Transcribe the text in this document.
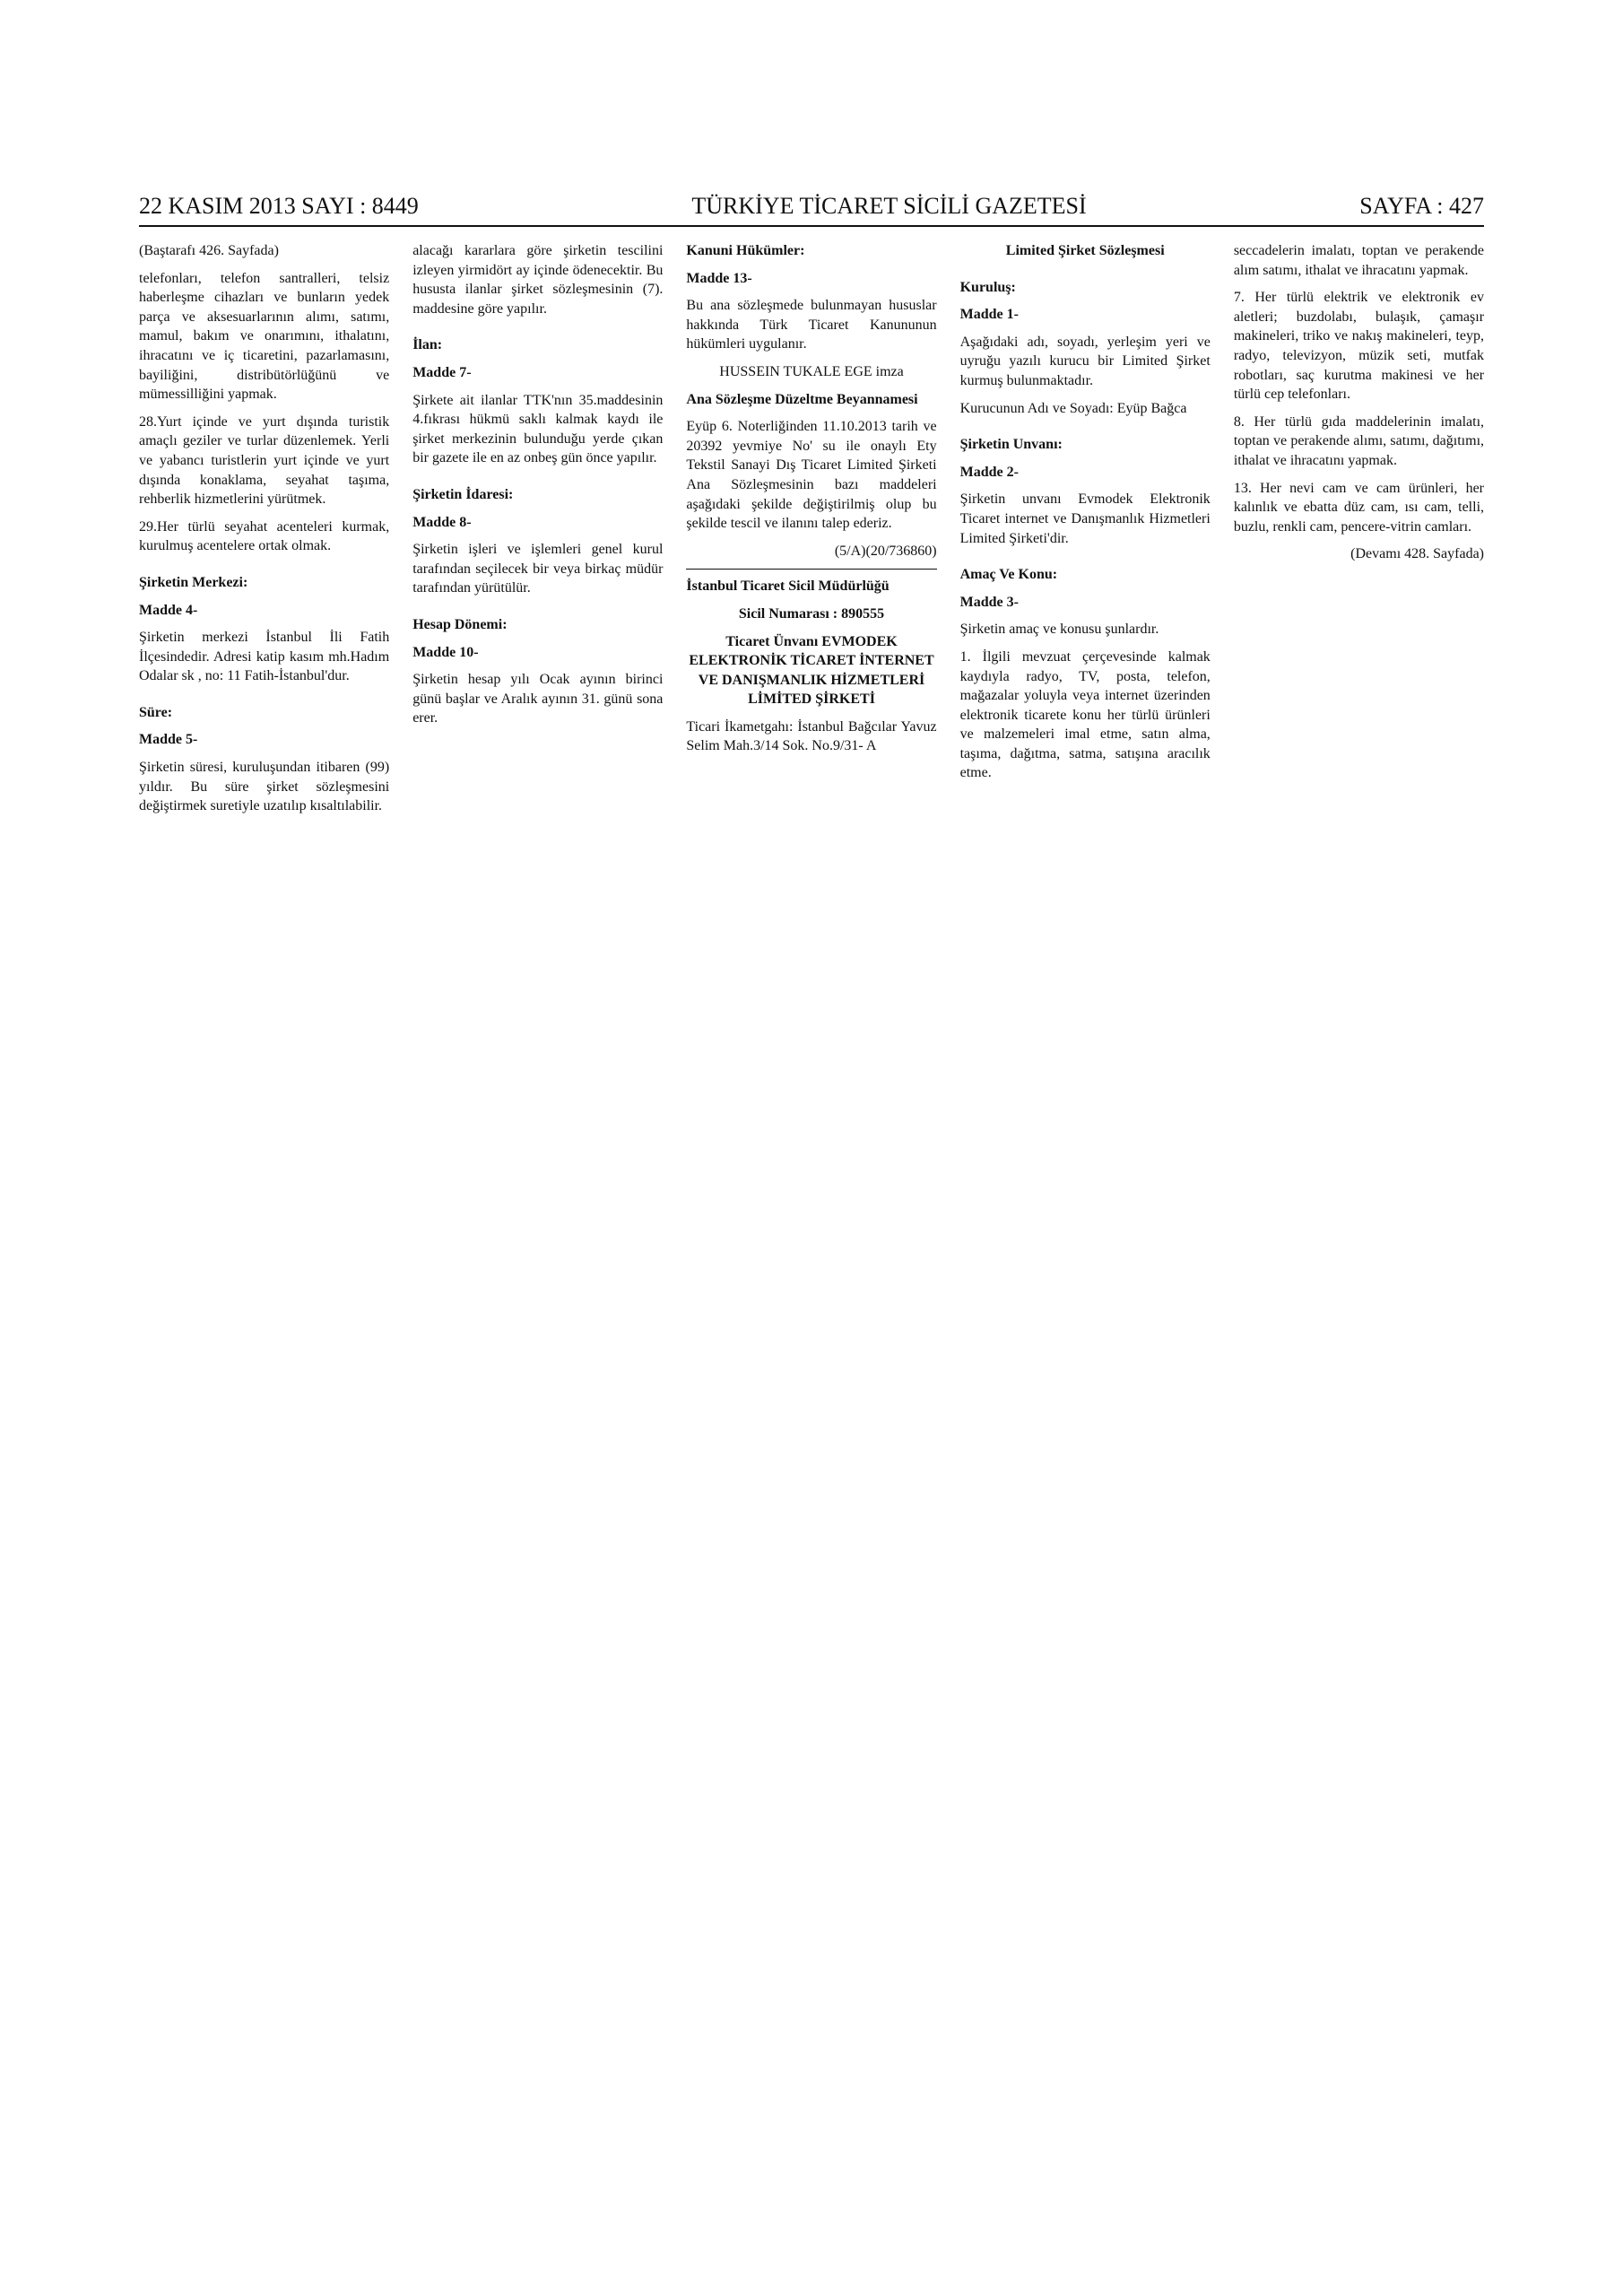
22 KASIM 2013 SAYI : 8449	TÜRKİYE TİCARET SİCİLİ GAZETESİ	SAYFA : 427

(Baştarafı 426. Sayfada)

telefonları, telefon santralleri, telsiz haberleşme cihazları ve bunların yedek parça ve aksesuarlarının alımı, satımı, mamul, bakım ve onarımını, ithalatını, ihracatını ve iç ticaretini, pazarlamasını, bayiliğini, distribütörlüğünü ve mümessilliğini yapmak.

28.Yurt içinde ve yurt dışında turistik amaçlı geziler ve turlar düzenlemek. Yerli ve yabancı turistlerin yurt içinde ve yurt dışında konaklama, seyahat taşıma, rehberlik hizmetlerini yürütmek.

29.Her türlü seyahat acenteleri kurmak, kurulmuş acentelere ortak olmak.

Şirketin Merkezi:

Madde 4-

Şirketin merkezi İstanbul İli Fatih İlçesindedir. Adresi katip kasım mh.Hadım Odalar sk , no: 11 Fatih-İstanbul'dur.

Süre:

Madde 5-

Şirketin süresi, kuruluşundan itibaren (99) yıldır. Bu süre şirket sözleşmesini değiştirmek suretiyle uzatılıp kısaltılabilir.

alacağı kararlara göre şirketin tescilini izleyen yirmidört ay içinde ödenecektir. Bu hususta ilanlar şirket sözleşmesinin (7). maddesine göre yapılır.

İlan:

Madde 7-

Şirkete ait ilanlar TTK'nın 35.maddesinin 4.fıkrası hükmü saklı kalmak kaydı ile şirket merkezinin bulunduğu yerde çıkan bir gazete ile en az onbeş gün önce yapılır.

Şirketin İdaresi:

Madde 8-

Şirketin işleri ve işlemleri genel kurul tarafından seçilecek bir veya birkaç müdür tarafından yürütülür.

Hesap Dönemi:

Madde 10-

Şirketin hesap yılı Ocak ayının birinci günü başlar ve Aralık ayının 31. günü sona erer.

Kanuni Hükümler:

Madde 13-

Bu ana sözleşmede bulunmayan hususlar hakkında Türk Ticaret Kanununun hükümleri uygulanır.

HUSSEIN TUKALE EGE imza

Ana Sözleşme Düzeltme Beyannamesi

Eyüp 6. Noterliğinden 11.10.2013 tarih ve 20392 yevmiye No' su ile onaylı Ety Tekstil Sanayi Dış Ticaret Limited Şirketi Ana Sözleşmesinin bazı maddeleri aşağıdaki şekilde değiştirilmiş olup bu şekilde tescil ve ilanını talep ederiz.

(5/A)(20/736860)

İstanbul Ticaret Sicil Müdürlüğü

Sicil Numarası : 890555

Ticaret Ünvanı EVMODEK ELEKTRONİK TİCARET İNTERNET VE DANIŞMANLIK HİZMETLERİ LİMİTED ŞİRKETİ

Ticari İkametgahı: İstanbul Bağcılar Yavuz Selim Mah.3/14 Sok. No.9/31- A

Limited Şirket Sözleşmesi

Kuruluş:

Madde 1-

Aşağıdaki adı, soyadı, yerleşim yeri ve uyruğu yazılı kurucu bir Limited Şirket kurmuş bulunmaktadır.

Kurucunun Adı ve Soyadı: Eyüp Bağca

Şirketin Unvanı:

Madde 2-

Şirketin unvanı Evmodek Elektronik Ticaret internet ve Danışmanlık Hizmetleri Limited Şirketi'dir.

Amaç Ve Konu:

Madde 3-

Şirketin amaç ve konusu şunlardır.

1. İlgili mevzuat çerçevesinde kalmak kaydıyla radyo, TV, posta, telefon, mağazalar yoluyla veya internet üzerinden elektronik ticarete konu her türlü ürünleri ve malzemeleri imal etme, satın alma, taşıma, dağıtma, satma, satışına aracılık etme.

seccadelerin imalatı, toptan ve perakende alım satımı, ithalat ve ihracatını yapmak.

7. Her türlü elektrik ve elektronik ev aletleri; buzdolabı, bulaşık, çamaşır makineleri, triko ve nakış makineleri, teyp, radyo, televizyon, müzik seti, mutfak robotları, saç kurutma makinesi ve her türlü cep telefonları.

8. Her türlü gıda maddelerinin imalatı, toptan ve perakende alımı, satımı, dağıtımı, ithalat ve ihracatını yapmak.

13. Her nevi cam ve cam ürünleri, her kalınlık ve ebatta düz cam, ısı cam, telli, buzlu, renkli cam, pencere-vitrin camları.

(Devamı 428. Sayfada)
